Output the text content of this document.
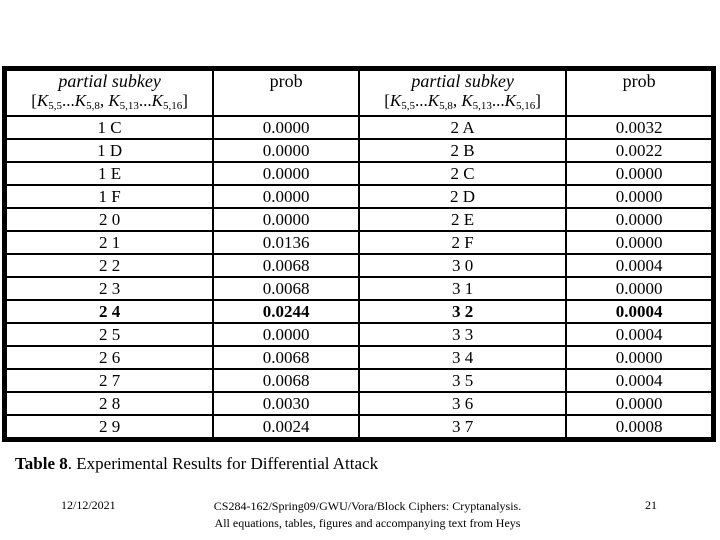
partial subkey
[$K_{5,5}...K_{5,8}$, $K_{5,13}...K_{5,16}$]	prob	partial subkey
[$K_{5,5}...K_{5,8}$, $K_{5,13}...K_{5,16}$]	prob

1 C	0.0000	2 A	0.0032
1 D	0.0000	2 B	0.0022
1 E	0.0000	2 C	0.0000
1 F	0.0000	2 D	0.0000
2 0	0.0000	2 E	0.0000
2 1	0.0136	2 F	0.0000
2 2	0.0068	3 0	0.0004
2 3	0.0068	3 1	0.0000
2 4	0.0244	3 2	0.0004
2 5	0.0000	3 3	0.0004
2 6	0.0068	3 4	0.0000
2 7	0.0068	3 5	0.0004
2 8	0.0030	3 6	0.0000
2 9	0.0024	3 7	0.0008
Table 8. Experimental Results for Differential Attack
12/12/2021	CS284-162/Spring09/GWU/Vora/Block Ciphers: Cryptanalysis.
All equations, tables, figures and accompanying text from Heys
21
